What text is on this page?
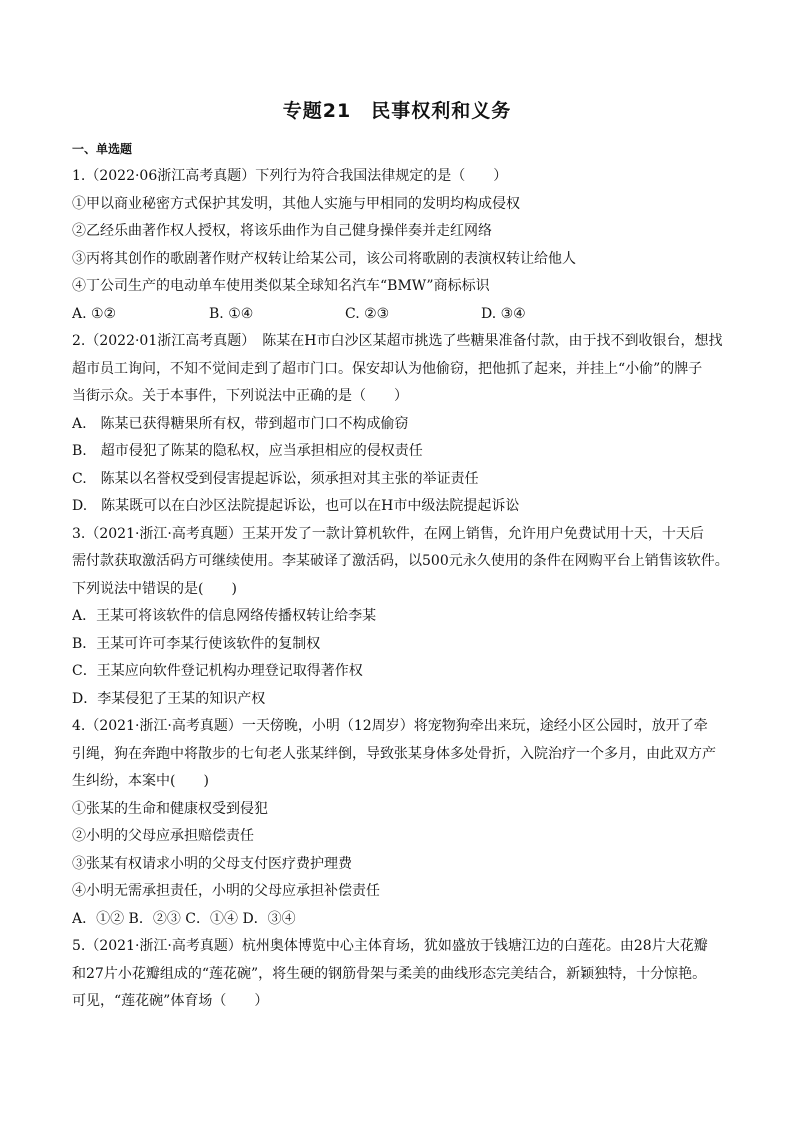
专题21　民事权利和义务
一、单选题
1.（2022·06浙江高考真题）下列行为符合我国法律规定的是（　　）
①甲以商业秘密方式保护其发明，其他人实施与甲相同的发明均构成侵权
②乙经乐曲著作权人授权，将该乐曲作为自己健身操伴奏并走红网络
③丙将其创作的歌剧著作财产权转让给某公司，该公司将歌剧的表演权转让给他人
④丁公司生产的电动单车使用类似某全球知名汽车“BMW”商标标识
A. ①②	B. ①④	C. ②③	D. ③④
2.（2022·01浙江高考真题）　陈某在H市白沙区某超市挑选了些糖果准备付款，由于找不到收银台，想找
超市员工询问，不知不觉间走到了超市门口。保安却认为他偷窃，把他抓了起来，并挂上“小偷”的牌子
当街示众。关于本事件，下列说法中正确的是（　　）
A.　陈某已获得糖果所有权，带到超市门口不构成偷窃
B.　超市侵犯了陈某的隐私权，应当承担相应的侵权责任
C.　陈某以名誉权受到侵害提起诉讼，须承担对其主张的举证责任
D.　陈某既可以在白沙区法院提起诉讼，也可以在H市中级法院提起诉讼
3.（2021·浙江·高考真题）王某开发了一款计算机软件，在网上销售，允许用户免费试用十天，十天后
需付款获取激活码方可继续使用。李某破译了激活码，以500元永久使用的条件在网购平台上销售该软件。
下列说法中错误的是(　　)
A．王某可将该软件的信息网络传播权转让给李某
B．王某可许可李某行使该软件的复制权
C．王某应向软件登记机构办理登记取得著作权
D．李某侵犯了王某的知识产权
4.（2021·浙江·高考真题）一天傍晚，小明（12周岁）将宠物狗牵出来玩，途经小区公园时，放开了牵
引绳，狗在奔跑中将散步的七旬老人张某绊倒，导致张某身体多处骨折，入院治疗一个多月，由此双方产
生纠纷，本案中(　　)
①张某的生命和健康权受到侵犯
②小明的父母应承担赔偿责任
③张某有权请求小明的父母支付医疗费护理费
④小明无需承担责任，小明的父母应承担补偿责任
A．①② B．②③ C．①④ D．③④
5.（2021·浙江·高考真题）杭州奥体博览中心主体育场，犹如盛放于钱塘江边的白莲花。由28片大花瓣
和27片小花瓣组成的“莲花碗”，将生硬的钢筋骨架与柔美的曲线形态完美结合，新颖独特，十分惊艳。
可见，“莲花碗”体育场（　　）
